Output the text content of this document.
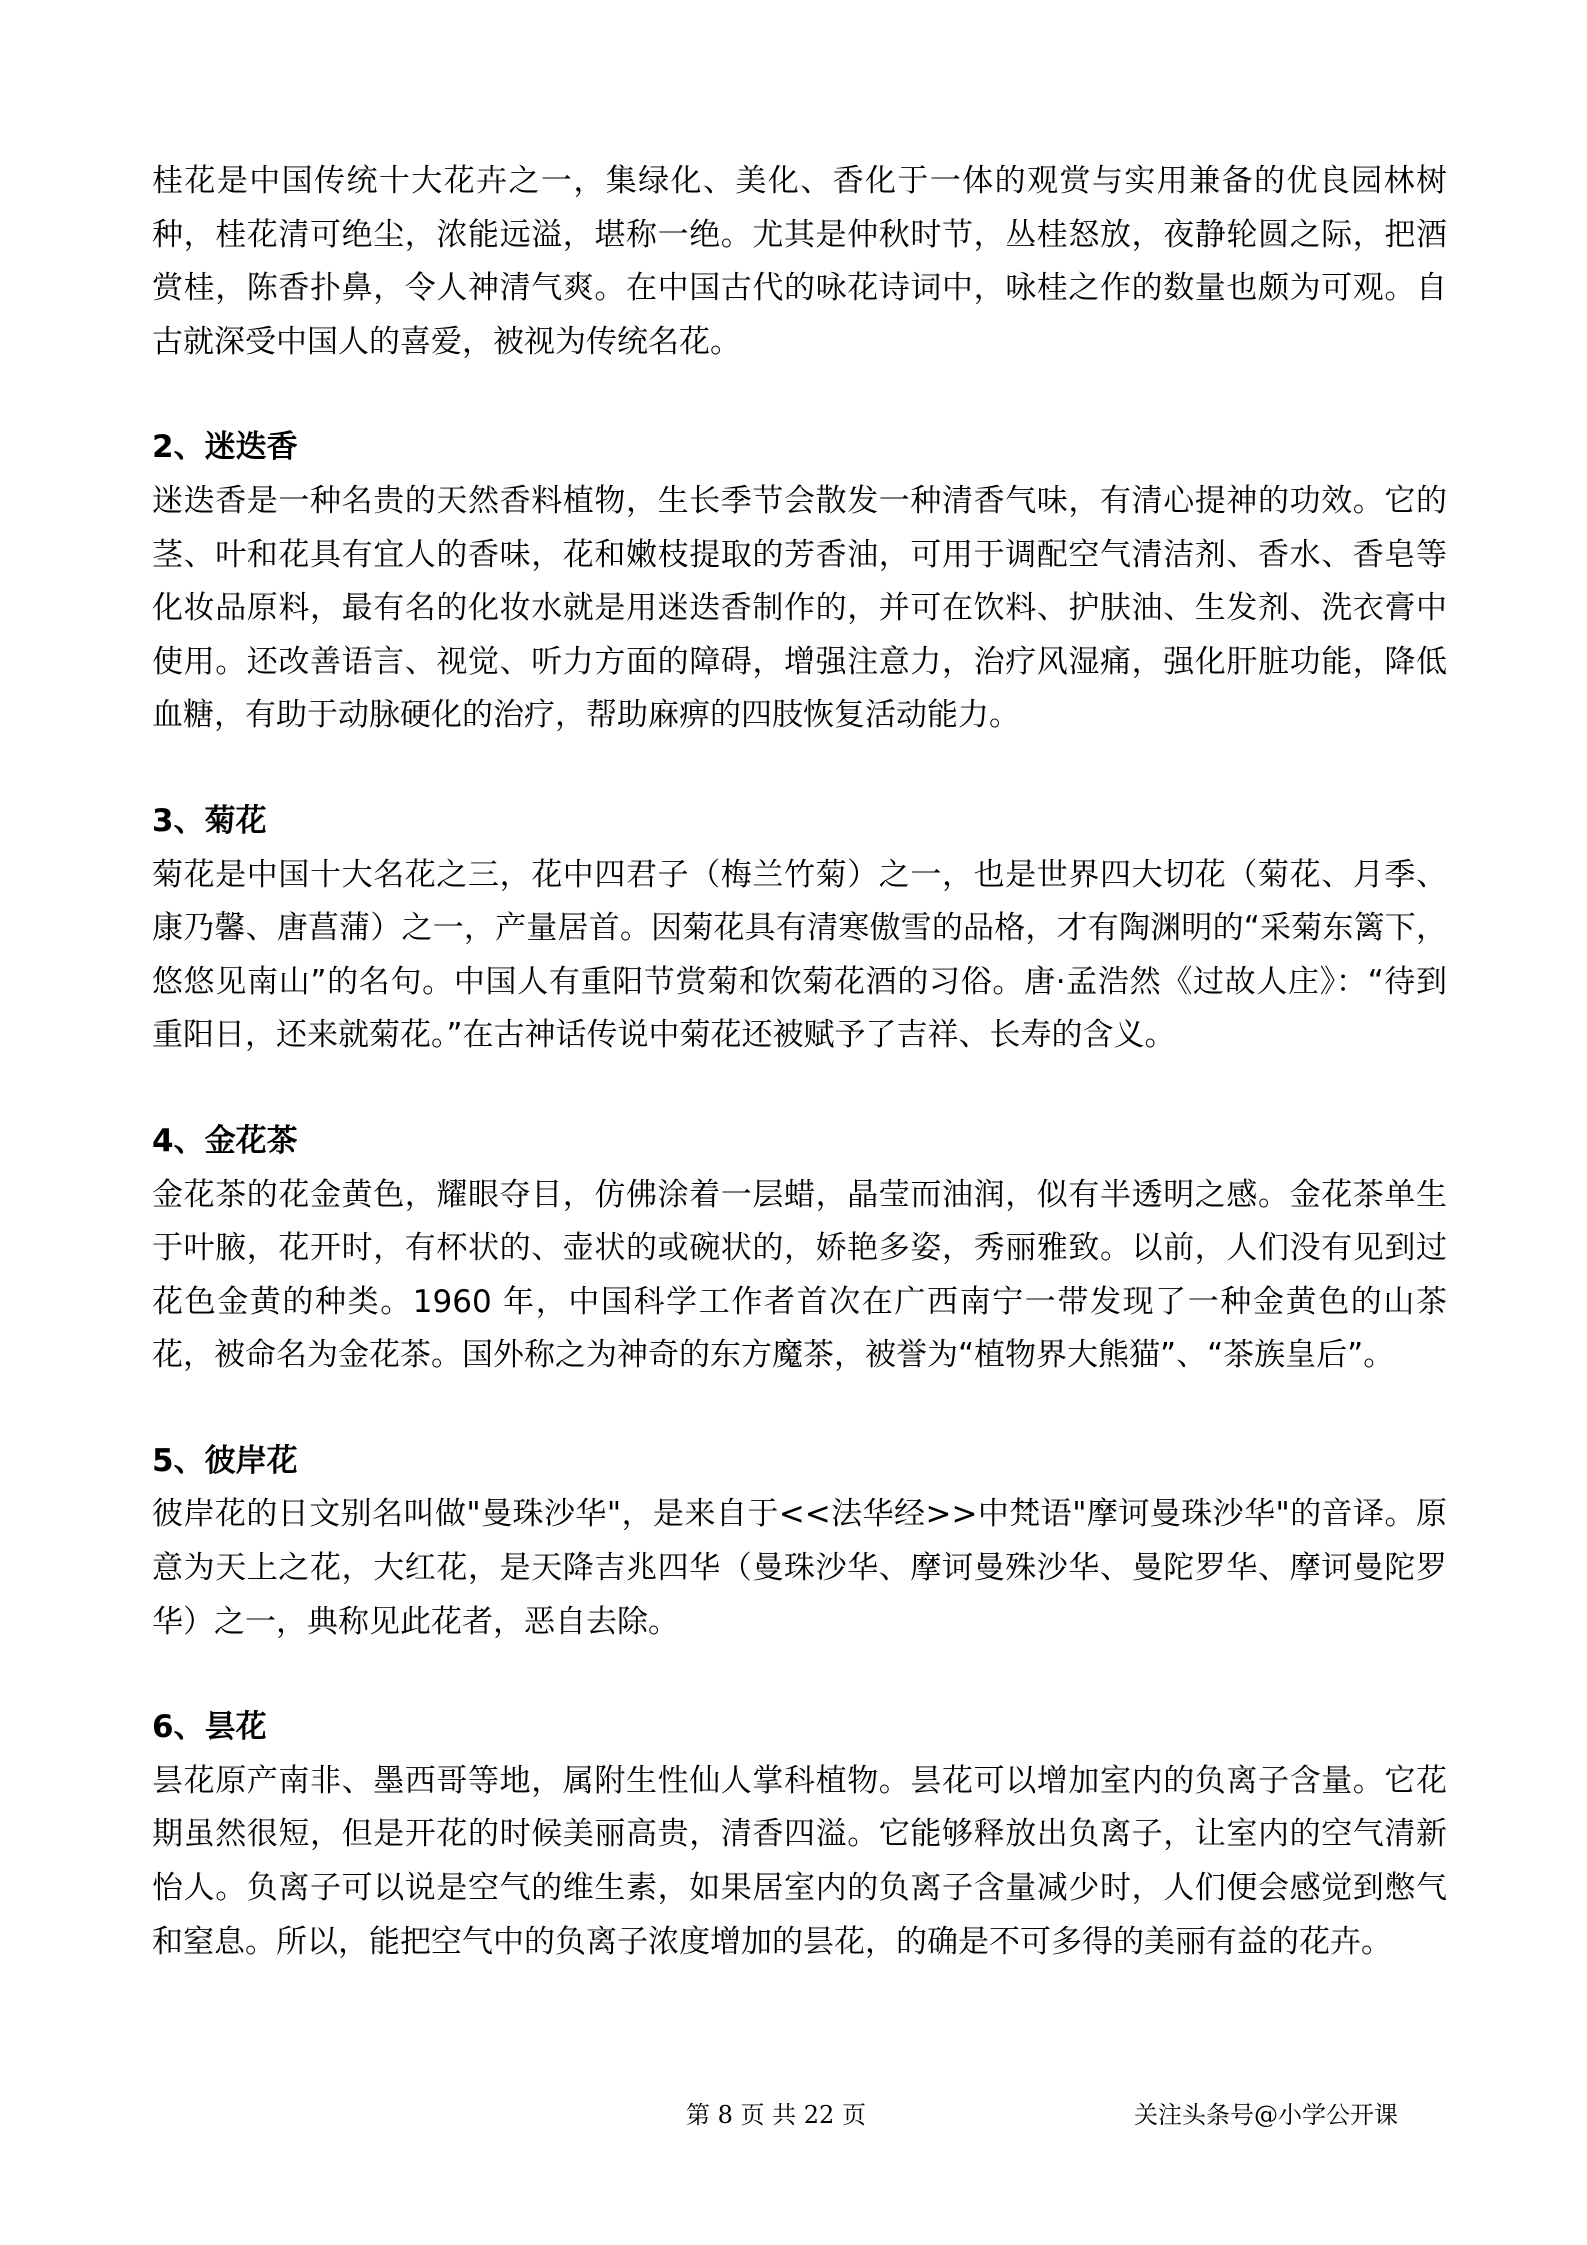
桂花是中国传统十大花卉之一，集绿化、美化、香化于一体的观赏与实用兼备的优良园林树种，桂花清可绝尘，浓能远溢，堪称一绝。尤其是仲秋时节，丛桂怒放，夜静轮圆之际，把酒赏桂，陈香扑鼻，令人神清气爽。在中国古代的咏花诗词中，咏桂之作的数量也颇为可观。自古就深受中国人的喜爱，被视为传统名花。

2、迷迭香

迷迭香是一种名贵的天然香料植物，生长季节会散发一种清香气味，有清心提神的功效。它的茎、叶和花具有宜人的香味，花和嫩枝提取的芳香油，可用于调配空气清洁剂、香水、香皂等化妆品原料，最有名的化妆水就是用迷迭香制作的，并可在饮料、护肤油、生发剂、洗衣膏中使用。还改善语言、视觉、听力方面的障碍，增强注意力，治疗风湿痛，强化肝脏功能，降低血糖，有助于动脉硬化的治疗，帮助麻痹的四肢恢复活动能力。

3、菊花

菊花是中国十大名花之三，花中四君子（梅兰竹菊）之一，也是世界四大切花（菊花、月季、康乃馨、唐菖蒲）之一，产量居首。因菊花具有清寒傲雪的品格，才有陶渊明的“采菊东篱下，悠悠见南山”的名句。中国人有重阳节赏菊和饮菊花酒的习俗。唐·孟浩然《过故人庄》：“待到重阳日，还来就菊花。”在古神话传说中菊花还被赋予了吉祥、长寿的含义。

4、金花茶

金花茶的花金黄色，耀眼夺目，仿佛涂着一层蜡，晶莹而油润，似有半透明之感。金花茶单生于叶腋，花开时，有杯状的、壶状的或碗状的，娇艳多姿，秀丽雅致。以前，人们没有见到过花色金黄的种类。1960 年，中国科学工作者首次在广西南宁一带发现了一种金黄色的山茶花，被命名为金花茶。国外称之为神奇的东方魔茶，被誉为“植物界大熊猫”、“茶族皇后”。

5、彼岸花

彼岸花的日文别名叫做"曼珠沙华"，是来自于<<法华经>>中梵语"摩诃曼珠沙华"的音译。原意为天上之花，大红花，是天降吉兆四华（曼珠沙华、摩诃曼殊沙华、曼陀罗华、摩诃曼陀罗华）之一，典称见此花者，恶自去除。

6、昙花

昙花原产南非、墨西哥等地，属附生性仙人掌科植物。昙花可以增加室内的负离子含量。它花期虽然很短，但是开花的时候美丽高贵，清香四溢。它能够释放出负离子，让室内的空气清新怡人。负离子可以说是空气的维生素，如果居室内的负离子含量减少时，人们便会感觉到憋气和窒息。所以，能把空气中的负离子浓度增加的昙花，的确是不可多得的美丽有益的花卉。

第 8 页 共 22 页	关注头条号@小学公开课
